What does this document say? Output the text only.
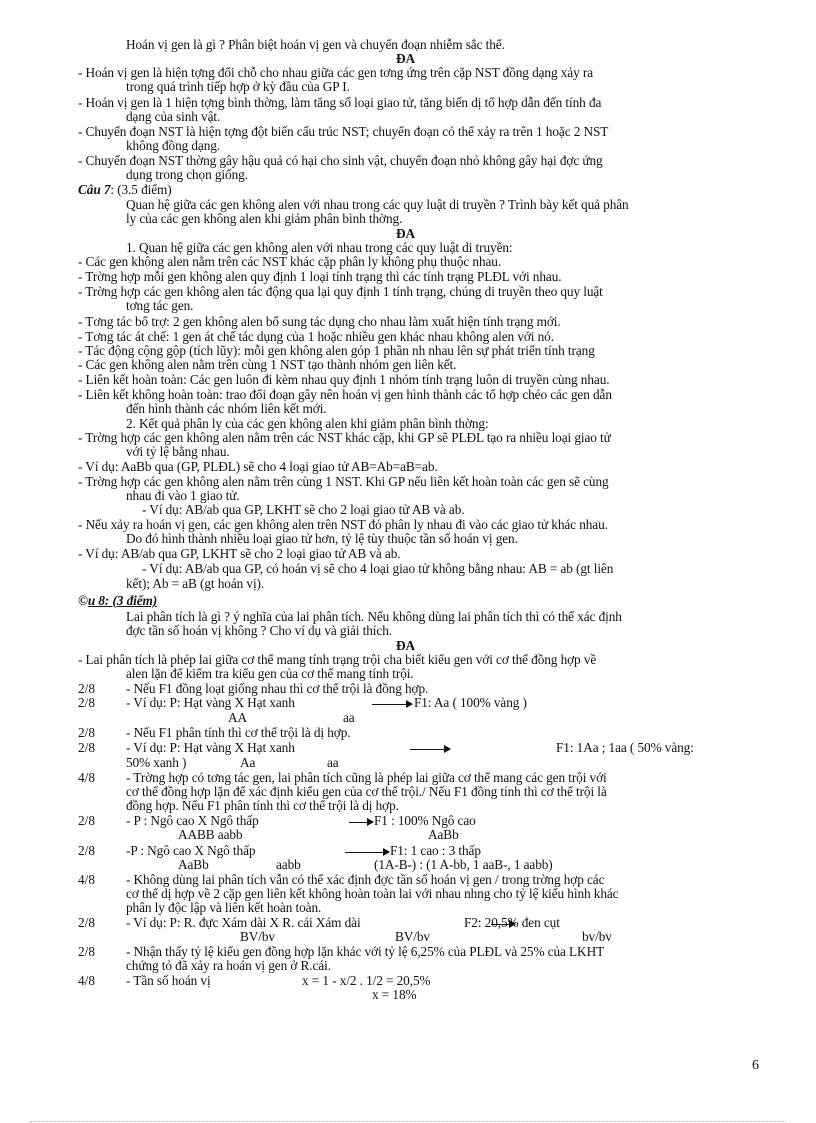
Hoán vị gen là gì ? Phân biệt hoán vị gen và chuyển đoạn nhiễm sắc thể.
ĐA
- Hoán vị gen là hiện tợng đổi chỗ cho nhau giữa các gen tơng ứng trên cặp NST đồng dạng xảy ra
trong quá trình tiếp hợp ở kỳ đầu của GP I.
- Hoán vị gen là 1 hiện tợng bình thờng, làm tăng số loại giao tử, tăng biến dị tổ hợp dẫn đến tính đa
dạng của sinh vật.
- Chuyển đoạn NST là hiện tợng đột biến cấu trúc NST; chuyển đoạn có thể xảy ra trên 1 hoặc 2 NST
không đồng dạng.
- Chuyển đoạn NST thờng gây hậu quả có hại cho sinh vật, chuyển đoạn nhỏ không gây hại đợc ứng
dụng trong chọn giống.
Câu 7: (3.5 điểm)
Quan hệ giữa các gen không alen với nhau trong các quy luật di truyền ? Trình bày kết quả phân
ly của các gen không alen khi giảm phân bình thờng.
ĐA
1. Quan hệ giữa các gen không alen với nhau trong các quy luật di truyền:
- Các gen không alen nằm trên các NST khác cặp phân ly không phụ thuộc nhau.
- Trờng hợp mỗi gen không alen quy định 1 loại tính trạng thì các tính trạng PLĐL với nhau.
- Trờng hợp các gen không alen tác động qua lại quy định 1 tính trạng, chúng di truyền theo quy luật
tơng tác gen.
- Tơng tác bổ trợ: 2 gen không alen bổ sung tác dụng cho nhau làm xuất hiện tính trạng mới.
- Tơng tác át chế: 1 gen át chế tác dụng của 1 hoặc nhiều gen khác nhau không alen với nó.
- Tác động cộng gộp (tích lũy): mỗi gen không alen góp 1 phần nh nhau lên sự phát triển tính trạng
- Các gen không alen nằm trên cùng 1 NST tạo thành nhóm gen liên kết.
- Liên kết hoàn toàn: Các gen luôn đi kèm nhau quy định 1 nhóm tính trạng luôn di truyền cùng nhau.
- Liên kết không hoàn toàn: trao đổi đoạn gây nên hoán vị gen hình thành các tổ hợp chéo các gen dẫn
đến hình thành các nhóm liên kết mới.
2. Kết quả phân ly của các gen không alen khi giảm phân bình thờng:
- Trờng hợp các gen không alen nằm trên các NST khác cặp, khi GP sẽ PLĐL tạo ra nhiều loại giao tử
với tỷ lệ bằng nhau.
- Ví dụ: AaBb qua (GP, PLĐL) sẽ cho 4 loại giao tử AB=Ab=aB=ab.
- Trờng hợp các gen không alen nằm trên cùng 1 NST. Khi GP nếu liên kết hoàn toàn các gen sẽ cùng
nhau đi vào 1 giao tử.
- Ví dụ: AB/ab qua GP, LKHT sẽ cho 2 loại giao tử AB và ab.
- Nếu xảy ra hoán vị gen, các gen không alen trên NST đó phân ly nhau đi vào các giao tử khác nhau.
Do đó hình thành nhiều loại giao tử hơn, tỷ lệ tùy thuộc tần số hoán vị gen.
- Ví dụ: AB/ab qua GP, LKHT sẽ cho 2 loại giao tử AB và ab.
- Ví dụ: AB/ab qua GP, có hoán vị sẽ cho 4 loại giao tử không bằng nhau: AB = ab (gt liên
kết); Ab = aB (gt hoán vị).
©u 8: (3 điểm)
Lai phân tích là gì ? ý nghĩa của lai phân tích. Nếu không dùng lai phân tích thì có thể xác định
đợc tần số hoán vị không ? Cho ví dụ và giải thích.
ĐA
- Lai phân tích là phép lai giữa cơ thể mang tính trạng trội cha biết kiểu gen với cơ thể đồng hợp về
alen lặn để kiểm tra kiểu gen của cơ thể mang tính trội.
2/8 - Nếu F1 đồng loạt giống nhau thì cơ thể trội là đồng hợp.
2/8 - Ví dụ: P: Hạt vàng X Hạt xanh	F1: Aa ( 100% vàng )
AA	aa
2/8 - Nếu F1 phân tính thì cơ thể trội là dị hợp.
2/8 - Ví dụ: P: Hạt vàng X Hạt xanh	F1: 1Aa ; 1aa ( 50% vàng:
50% xanh )	Aa	aa
4/8 - Trờng hợp có tơng tác gen, lai phân tích cũng là phép lai giữa cơ thể mang các gen trội với
cơ thể đồng hợp lặn để xác định kiểu gen của cơ thể trội./ Nếu F1 đồng tính thì cơ thể trội là
đồng hợp. Nếu F1 phân tính thì cơ thể trội là dị hợp.
2/8 - P : Ngô cao X Ngô thấp	F1 : 100% Ngô cao
AABB aabb	AaBb
2/8 -P : Ngô cao X Ngô thấp	F1: 1 cao : 3 thấp
AaBb	aabb	(1A-B-) : (1 A-bb, 1 aaB-, 1 aabb)
4/8 - Không dùng lai phân tích vẫn có thể xác định đợc tần số hoán vị gen / trong trờng hợp các
cơ thể dị hợp về 2 cặp gen liên kết không hoàn toàn lai với nhau nhng cho tỷ lệ kiểu hình khác
phân ly độc lập và liên kết hoàn toàn.
2/8 - Ví dụ: P: R. đực Xám dài X R. cái Xám dài	F2: 20,5% đen cụt
BV/bv	BV/bv	bv/bv
2/8 - Nhận thấy tỷ lệ kiểu gen đồng hợp lặn khác với tỷ lệ 6,25% của PLĐL và 25% của LKHT
chứng tỏ đã xảy ra hoán vị gen ở R.cái.
4/8 - Tần số hoán vị	x = 1 - x/2 . 1/2 = 20,5%
x = 18%
6
